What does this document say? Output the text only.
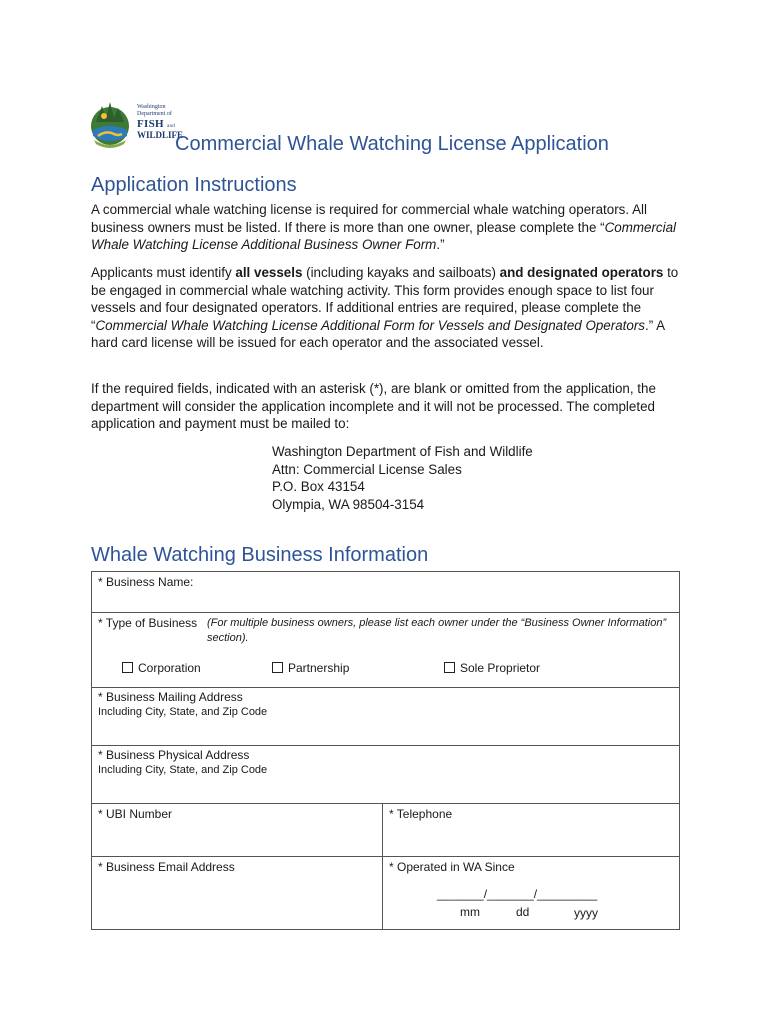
Washington
Department of
FISH and
WILDLIFE
Commercial Whale Watching License Application
Application Instructions

A commercial whale watching license is required for commercial whale watching operators. All business owners must be listed. If there is more than one owner, please complete the “Commercial Whale Watching License Additional Business Owner Form.”

Applicants must identify all vessels (including kayaks and sailboats) and designated operators to be engaged in commercial whale watching activity. This form provides enough space to list four vessels and four designated operators. If additional entries are required, please complete the “Commercial Whale Watching License Additional Form for Vessels and Designated Operators.” A hard card license will be issued for each operator and the associated vessel.

If the required fields, indicated with an asterisk (*), are blank or omitted from the application, the department will consider the application incomplete and it will not be processed. The completed application and payment must be mailed to:

Washington Department of Fish and Wildlife
Attn: Commercial License Sales
P.O. Box 43154
Olympia, WA 98504-3154
Whale Watching Business Information
* Business Name:
* Type of Business (For multiple business owners, please list each owner under the “Business Owner Information” section).
Corporation	Partnership	Sole Proprietor
* Business Mailing Address
Including City, State, and Zip Code
* Business Physical Address
Including City, State, and Zip Code
* UBI Number	* Telephone
* Business Email Address	* Operated in WA Since
_______/_______/_________
mm	dd	yyyy
